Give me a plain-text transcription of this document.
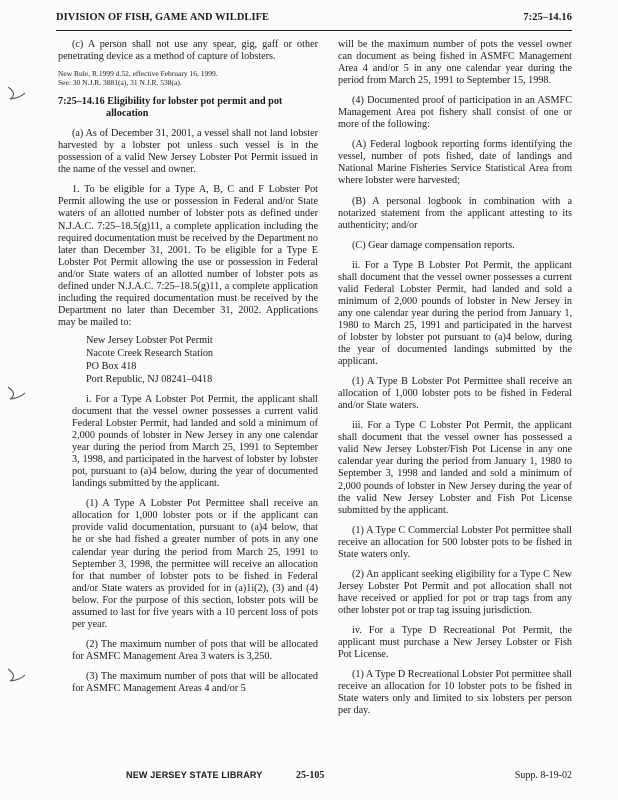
DIVISION OF FISH, GAME AND WILDLIFE	7:25–14.16

(c) A person shall not use any spear, gig, gaff or other penetrating device as a method of capture of lobsters.

New Rule, R.1999 d.52, effective February 16, 1999.
See: 30 N.J.R. 3881(a), 31 N.J.R. 538(a).

7:25–14.16 Eligibility for lobster pot permit and pot allocation

(a) As of December 31, 2001, a vessel shall not land lobster harvested by a lobster pot unless such vessel is in the possession of a valid New Jersey Lobster Pot Permit issued in the name of the vessel and owner.

1. To be eligible for a Type A, B, C and F Lobster Pot Permit allowing the use or possession in Federal and/or State waters of an allotted number of lobster pots as defined under N.J.A.C. 7:25–18.5(g)11, a complete application including the required documentation must be received by the Department no later than December 31, 2001. To be eligible for a Type E Lobster Pot Permit allowing the use or possession in Federal and/or State waters of an allotted number of lobster pots as defined under N.J.A.C. 7:25–18.5(g)11, a complete application including the required documentation must be received by the Department no later than December 31, 2002. Applications may be mailed to:

New Jersey Lobster Pot Permit
Nacote Creek Research Station
PO Box 418
Port Republic, NJ 08241–0418

i. For a Type A Lobster Pot Permit, the applicant shall document that the vessel owner possesses a current valid Federal Lobster Permit, had landed and sold a minimum of 2,000 pounds of lobster in New Jersey in any one calendar year during the period from March 25, 1991 to September 3, 1998, and participated in the harvest of lobster by lobster pot, pursuant to (a)4 below, during the year of documented landings submitted by the applicant.

(1) A Type A Lobster Pot Permittee shall receive an allocation for 1,000 lobster pots or if the applicant can provide valid documentation, pursuant to (a)4 below, that he or she had fished a greater number of pots in any one calendar year during the period from March 25, 1991 to September 3, 1998, the permittee will receive an allocation for that number of lobster pots to be fished in Federal and/or State waters as provided for in (a)1i(2), (3) and (4) below. For the purpose of this section, lobster pots will be assumed to last for five years with a 10 percent loss of pots per year.

(2) The maximum number of pots that will be allocated for ASMFC Management Area 3 waters is 3,250.

(3) The maximum number of pots that will be allocated for ASMFC Management Areas 4 and/or 5

will be the maximum number of pots the vessel owner can document as being fished in ASMFC Management Area 4 and/or 5 in any one calendar year during the period from March 25, 1991 to September 15, 1998.

(4) Documented proof of participation in an ASMFC Management Area pot fishery shall consist of one or more of the following:

(A) Federal logbook reporting forms identifying the vessel, number of pots fished, date of landings and National Marine Fisheries Service Statistical Area from where lobster were harvested;

(B) A personal logbook in combination with a notarized statement from the applicant attesting to its authenticity; and/or

(C) Gear damage compensation reports.

ii. For a Type B Lobster Pot Permit, the applicant shall document that the vessel owner possesses a current valid Federal Lobster Permit, had landed and sold a minimum of 2,000 pounds of lobster in New Jersey in any one calendar year during the period from January 1, 1980 to March 25, 1991 and participated in the harvest of lobster by lobster pot pursuant to (a)4 below, during the year of documented landings submitted by the applicant.

(1) A Type B Lobster Pot Permittee shall receive an allocation of 1,000 lobster pots to be fished in Federal and/or State waters.

iii. For a Type C Lobster Pot Permit, the applicant shall document that the vessel owner has possessed a valid New Jersey Lobster/Fish Pot License in any one calendar year during the period from January 1, 1980 to September 3, 1998 and landed and sold a minimum of 2,000 pounds of lobster in New Jersey during the year of the valid New Jersey Lobster and Fish Pot License submitted by the applicant.

(1) A Type C Commercial Lobster Pot permittee shall receive an allocation for 500 lobster pots to be fished in State waters only.

(2) An applicant seeking eligibility for a Type C New Jersey Lobster Pot Permit and pot allocation shall not have received or applied for pot or trap tags from any other lobster pot or trap tag issuing jurisdiction.

iv. For a Type D Recreational Pot Permit, the applicant must purchase a New Jersey Lobster or Fish Pot License.

(1) A Type D Recreational Lobster Pot permittee shall receive an allocation for 10 lobster pots to be fished in State waters only and limited to six lobsters per person per day.

NEW JERSEY STATE LIBRARY	25-105	Supp. 8-19-02
